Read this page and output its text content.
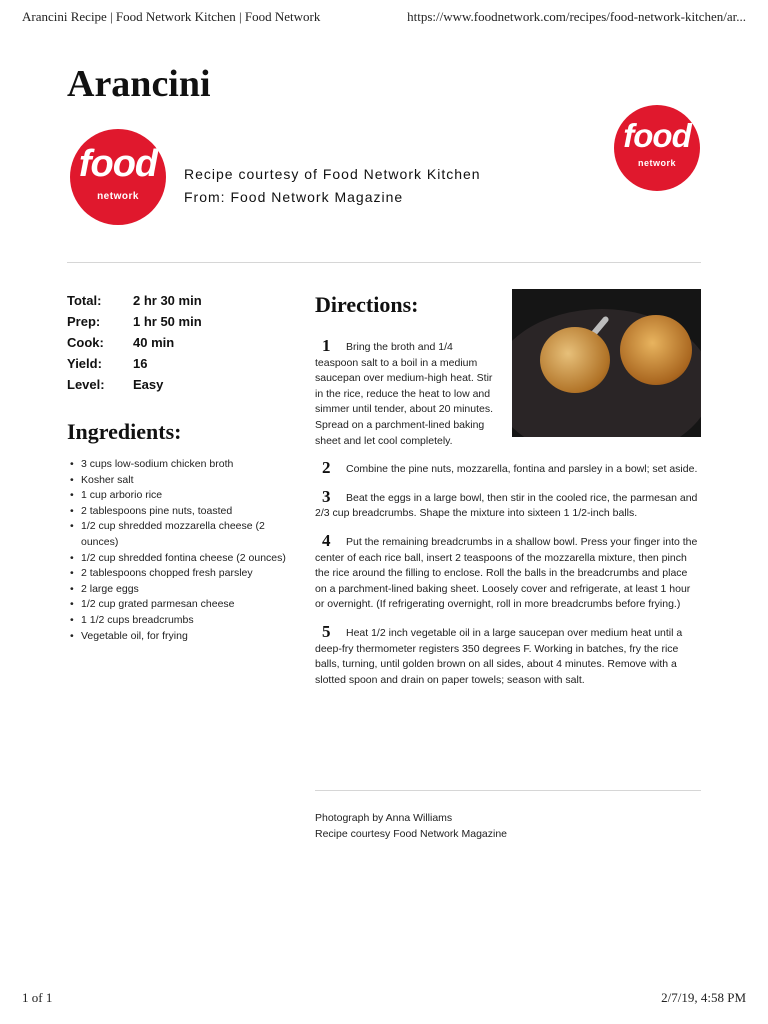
Arancini Recipe | Food Network Kitchen | Food Network	https://www.foodnetwork.com/recipes/food-network-kitchen/ar...
Arancini
food
network
Recipe courtesy of Food Network Kitchen
From: Food Network Magazine
food
network
Total: 2 hr 30 min
Prep:	1 hr 50 min
Cook: 40 min
Yield: 16
Level: Easy
Ingredients:
• 3 cups low-sodium chicken broth
• Kosher salt
• 1 cup arborio rice
• 2 tablespoons pine nuts, toasted
• 1/2 cup shredded mozzarella cheese (2 ounces)
• 1/2 cup shredded fontina cheese (2 ounces)
• 2 tablespoons chopped fresh parsley
• 2 large eggs
• 1/2 cup grated parmesan cheese
• 1 1/2 cups breadcrumbs
• Vegetable oil, for frying
Directions:
1	Bring the broth and 1/4 teaspoon salt to a boil in a medium saucepan over medium-high heat. Stir in the rice, reduce the heat to low and simmer until tender, about 20 minutes. Spread on a parchment-lined baking sheet and let cool completely.
2	Combine the pine nuts, mozzarella, fontina and parsley in a bowl; set aside.
3	Beat the eggs in a large bowl, then stir in the cooled rice, the parmesan and 2/3 cup breadcrumbs. Shape the mixture into sixteen 1 1/2-inch balls.
4	Put the remaining breadcrumbs in a shallow bowl. Press your finger into the center of each rice ball, insert 2 teaspoons of the mozzarella mixture, then pinch the rice around the filling to enclose. Roll the balls in the breadcrumbs and place on a parchment-lined baking sheet. Loosely cover and refrigerate, at least 1 hour or overnight. (If refrigerating overnight, roll in more breadcrumbs before frying.)
5	Heat 1/2 inch vegetable oil in a large saucepan over medium heat until a deep-fry thermometer registers 350 degrees F. Working in batches, fry the rice balls, turning, until golden brown on all sides, about 4 minutes. Remove with a slotted spoon and drain on paper towels; season with salt.
Photograph by Anna Williams
Recipe courtesy Food Network Magazine
1 of 1	2/7/19, 4:58 PM
